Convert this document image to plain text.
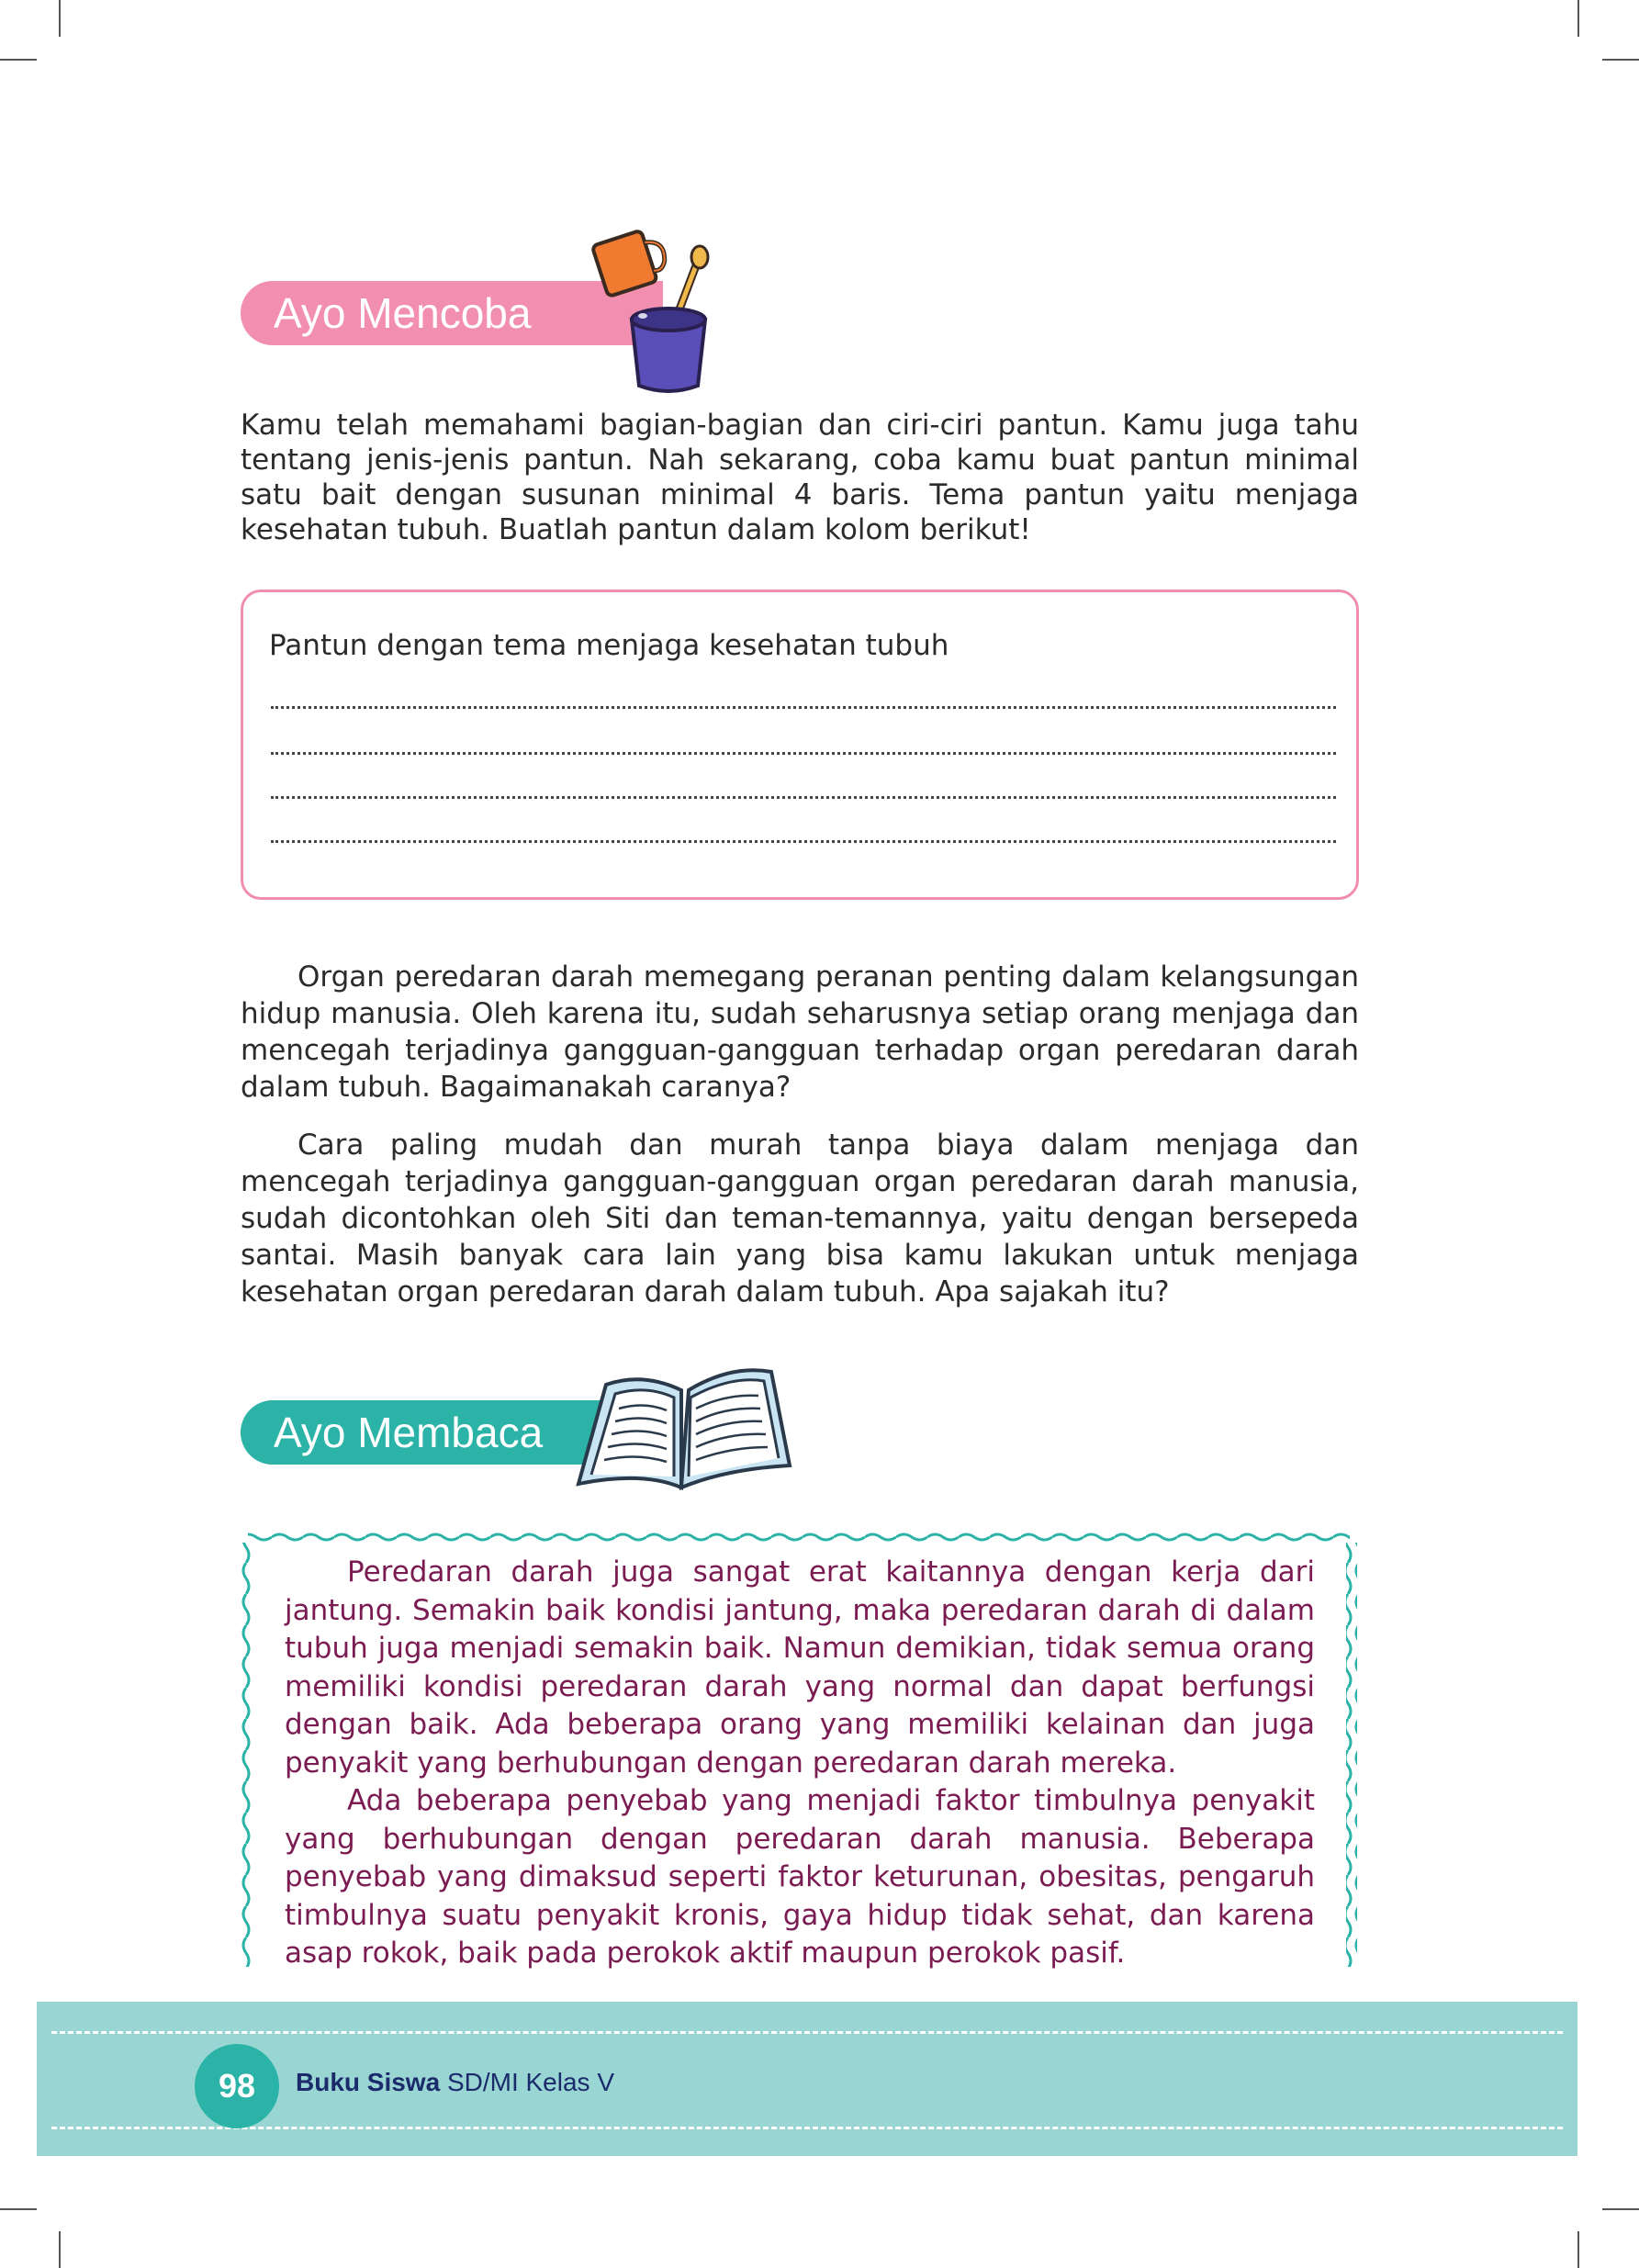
Ayo Mencoba
Kamu telah memahami bagian-bagian dan ciri-ciri pantun. Kamu juga tahu tentang jenis-jenis pantun. Nah sekarang, coba kamu buat pantun minimal satu bait dengan susunan minimal 4 baris. Tema pantun yaitu menjaga kesehatan tubuh. Buatlah pantun dalam kolom berikut!
Pantun dengan tema menjaga kesehatan tubuh
Organ peredaran darah memegang peranan penting dalam kelangsungan hidup manusia. Oleh karena itu, sudah seharusnya setiap orang menjaga dan mencegah terjadinya gangguan-gangguan terhadap organ peredaran darah dalam tubuh. Bagaimanakah caranya?
Cara paling mudah dan murah tanpa biaya dalam menjaga dan mencegah terjadinya gangguan-gangguan organ peredaran darah manusia, sudah dicontohkan oleh Siti dan teman-temannya, yaitu dengan bersepeda santai. Masih banyak cara lain yang bisa kamu lakukan untuk menjaga kesehatan organ peredaran darah dalam tubuh. Apa sajakah itu?
Ayo Membaca

Peredaran darah juga sangat erat kaitannya dengan kerja dari jantung. Semakin baik kondisi jantung, maka peredaran darah di dalam tubuh juga menjadi semakin baik. Namun demikian, tidak semua orang memiliki kondisi peredaran darah yang normal dan dapat berfungsi dengan baik. Ada beberapa orang yang memiliki kelainan dan juga penyakit yang berhubungan dengan peredaran darah mereka.

Ada beberapa penyebab yang menjadi faktor timbulnya penyakit yang berhubungan dengan peredaran darah manusia. Beberapa penyebab yang dimaksud seperti faktor keturunan, obesitas, pengaruh timbulnya suatu penyakit kronis, gaya hidup tidak sehat, dan karena asap rokok, baik pada perokok aktif maupun perokok pasif.

98	Buku Siswa SD/MI Kelas V
